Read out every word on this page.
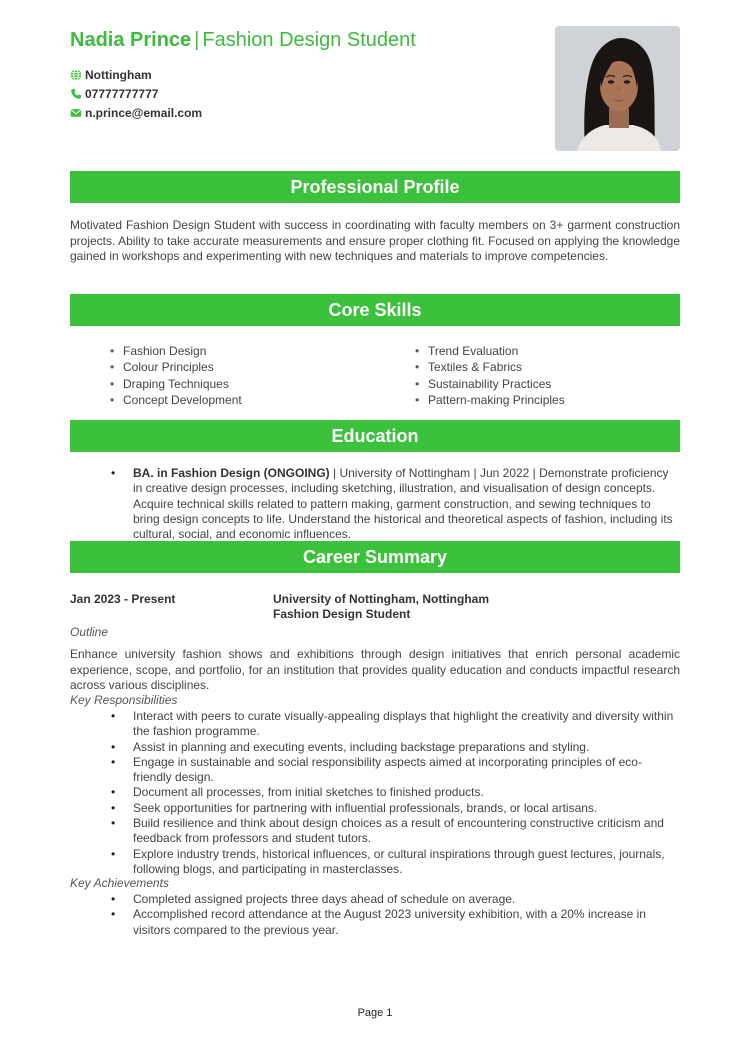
Nadia Prince | Fashion Design Student
Nottingham
07777777777
n.prince@email.com
Professional Profile
Motivated Fashion Design Student with success in coordinating with faculty members on 3+ garment construction projects. Ability to take accurate measurements and ensure proper clothing fit. Focused on applying the knowledge gained in workshops and experimenting with new techniques and materials to improve competencies.
Core Skills
• Fashion Design
• Colour Principles
• Draping Techniques
• Concept Development
• Trend Evaluation
• Textiles & Fabrics
• Sustainability Practices
• Pattern-making Principles
Education
• BA. in Fashion Design (ONGOING) | University of Nottingham | Jun 2022 | Demonstrate proficiency in creative design processes, including sketching, illustration, and visualisation of design concepts. Acquire technical skills related to pattern making, garment construction, and sewing techniques to bring design concepts to life. Understand the historical and theoretical aspects of fashion, including its cultural, social, and economic influences.
Career Summary
Jan 2023 - Present	University of Nottingham, Nottingham
Fashion Design Student
Outline
Enhance university fashion shows and exhibitions through design initiatives that enrich personal academic experience, scope, and portfolio, for an institution that provides quality education and conducts impactful research across various disciplines.
Key Responsibilities
• Interact with peers to curate visually-appealing displays that highlight the creativity and diversity within the fashion programme.
• Assist in planning and executing events, including backstage preparations and styling.
• Engage in sustainable and social responsibility aspects aimed at incorporating principles of eco-friendly design.
• Document all processes, from initial sketches to finished products.
• Seek opportunities for partnering with influential professionals, brands, or local artisans.
• Build resilience and think about design choices as a result of encountering constructive criticism and feedback from professors and student tutors.
• Explore industry trends, historical influences, or cultural inspirations through guest lectures, journals, following blogs, and participating in masterclasses.
Key Achievements
• Completed assigned projects three days ahead of schedule on average.
• Accomplished record attendance at the August 2023 university exhibition, with a 20% increase in visitors compared to the previous year.
Page 1
